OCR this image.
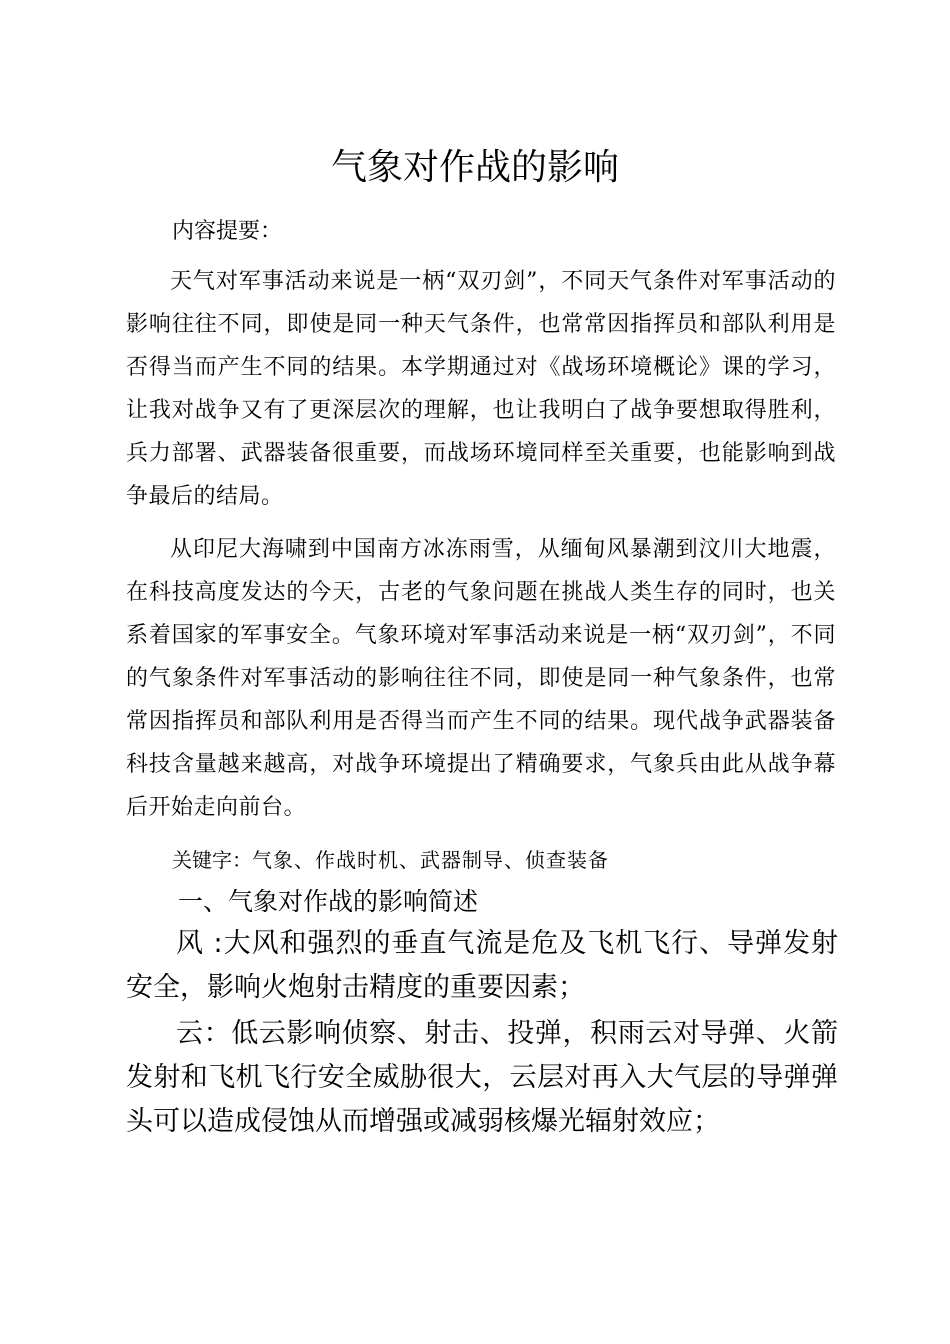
气象对作战的影响
内容提要：
天气对军事活动来说是一柄“双刃剑”，不同天气条件对军事活动的影响往往不同，即使是同一种天气条件，也常常因指挥员和部队利用是否得当而产生不同的结果。本学期通过对《战场环境概论》课的学习，让我对战争又有了更深层次的理解，也让我明白了战争要想取得胜利，兵力部署、武器装备很重要，而战场环境同样至关重要，也能影响到战争最后的结局。
从印尼大海啸到中国南方冰冻雨雪，从缅甸风暴潮到汶川大地震，在科技高度发达的今天，古老的气象问题在挑战人类生存的同时，也关系着国家的军事安全。气象环境对军事活动来说是一柄“双刃剑”，不同的气象条件对军事活动的影响往往不同，即使是同一种气象条件，也常常因指挥员和部队利用是否得当而产生不同的结果。现代战争武器装备科技含量越来越高，对战争环境提出了精确要求，气象兵由此从战争幕后开始走向前台。
关键字：气象、作战时机、武器制导、侦查装备
一、气象对作战的影响简述
风 :大风和强烈的垂直气流是危及飞机飞行、导弹发射安全，影响火炮射击精度的重要因素；
云：低云影响侦察、射击、投弹，积雨云对导弹、火箭发射和飞机飞行安全威胁很大，云层对再入大气层的导弹弹头可以造成侵蚀从而增强或减弱核爆光辐射效应；
